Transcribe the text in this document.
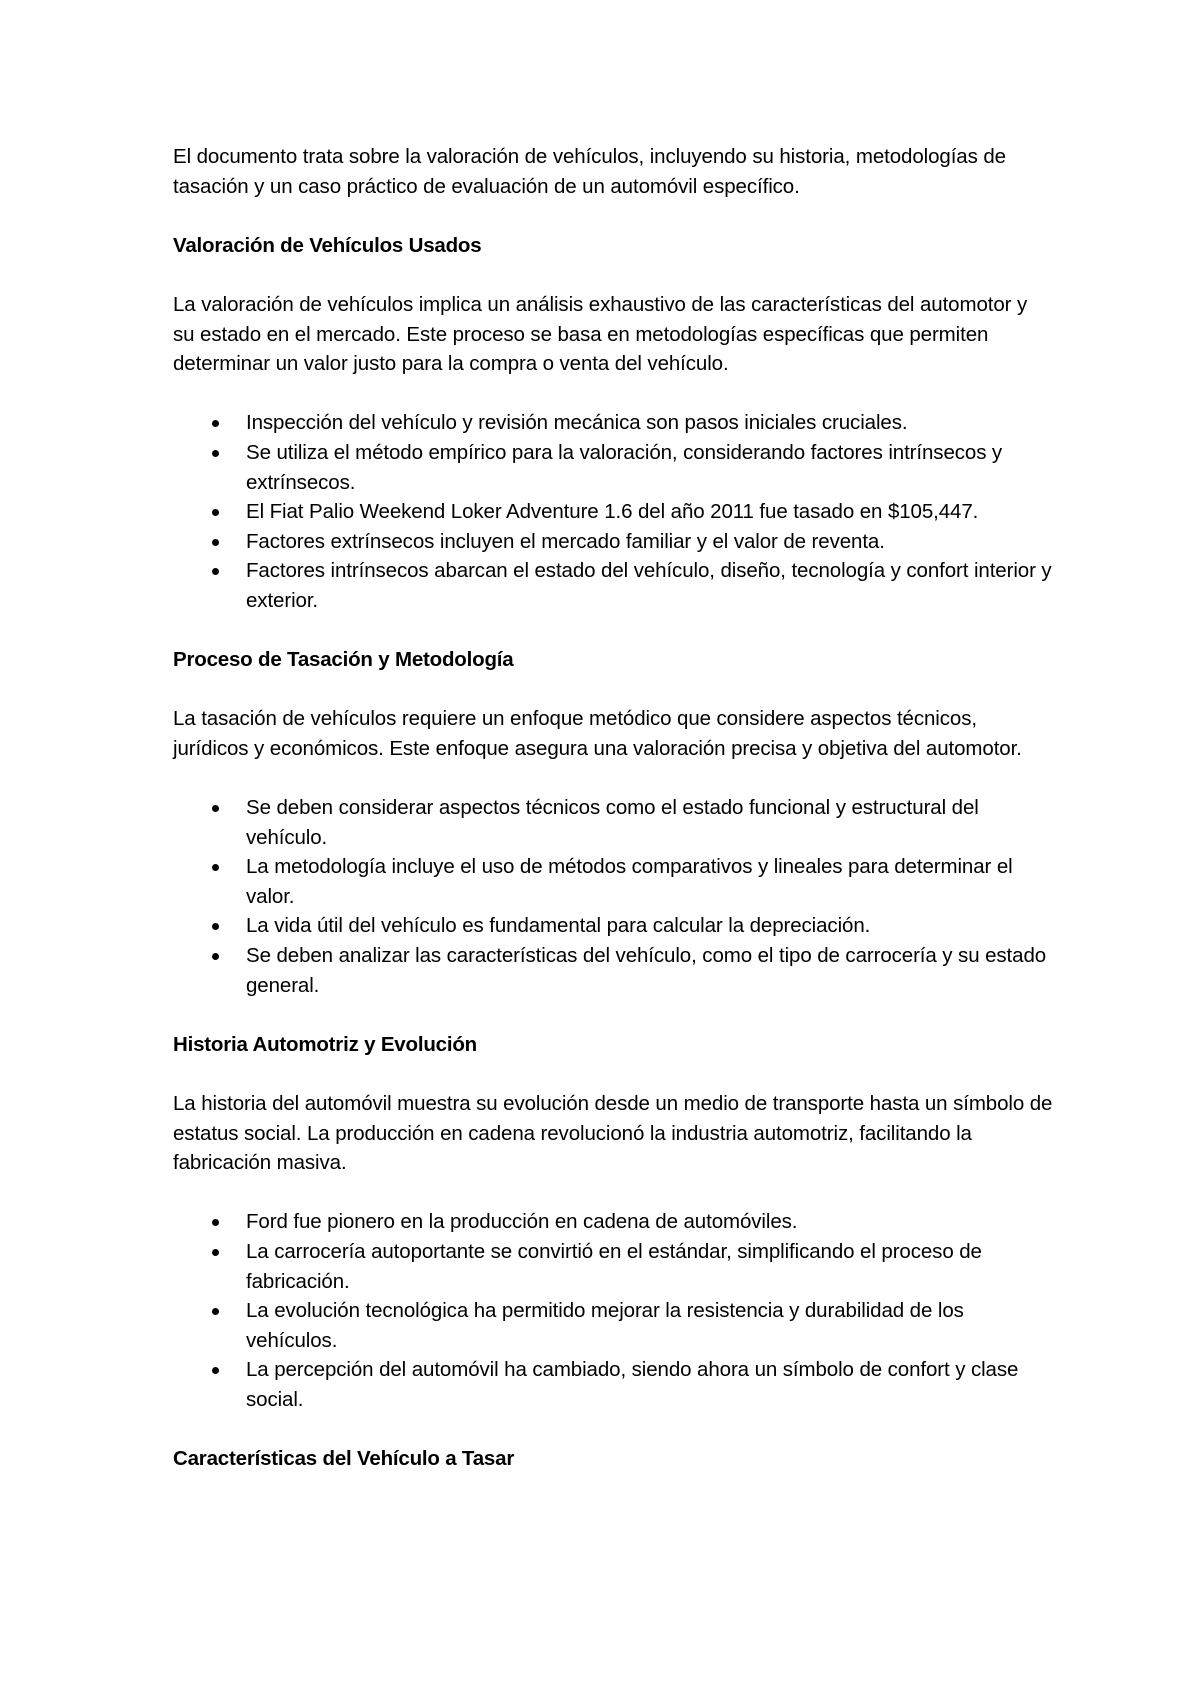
El documento trata sobre la valoración de vehículos, incluyendo su historia, metodologías de tasación y un caso práctico de evaluación de un automóvil específico.

Valoración de Vehículos Usados

La valoración de vehículos implica un análisis exhaustivo de las características del automotor y su estado en el mercado. Este proceso se basa en metodologías específicas que permiten determinar un valor justo para la compra o venta del vehículo.

Inspección del vehículo y revisión mecánica son pasos iniciales cruciales.
Se utiliza el método empírico para la valoración, considerando factores intrínsecos y extrínsecos.
El Fiat Palio Weekend Loker Adventure 1.6 del año 2011 fue tasado en $105,447.
Factores extrínsecos incluyen el mercado familiar y el valor de reventa.
Factores intrínsecos abarcan el estado del vehículo, diseño, tecnología y confort interior y exterior.

Proceso de Tasación y Metodología

La tasación de vehículos requiere un enfoque metódico que considere aspectos técnicos, jurídicos y económicos. Este enfoque asegura una valoración precisa y objetiva del automotor.

Se deben considerar aspectos técnicos como el estado funcional y estructural del vehículo.
La metodología incluye el uso de métodos comparativos y lineales para determinar el valor.
La vida útil del vehículo es fundamental para calcular la depreciación.
Se deben analizar las características del vehículo, como el tipo de carrocería y su estado general.

Historia Automotriz y Evolución

La historia del automóvil muestra su evolución desde un medio de transporte hasta un símbolo de estatus social. La producción en cadena revolucionó la industria automotriz, facilitando la fabricación masiva.

Ford fue pionero en la producción en cadena de automóviles.
La carrocería autoportante se convirtió en el estándar, simplificando el proceso de fabricación.
La evolución tecnológica ha permitido mejorar la resistencia y durabilidad de los vehículos.
La percepción del automóvil ha cambiado, siendo ahora un símbolo de confort y clase social.

Características del Vehículo a Tasar
